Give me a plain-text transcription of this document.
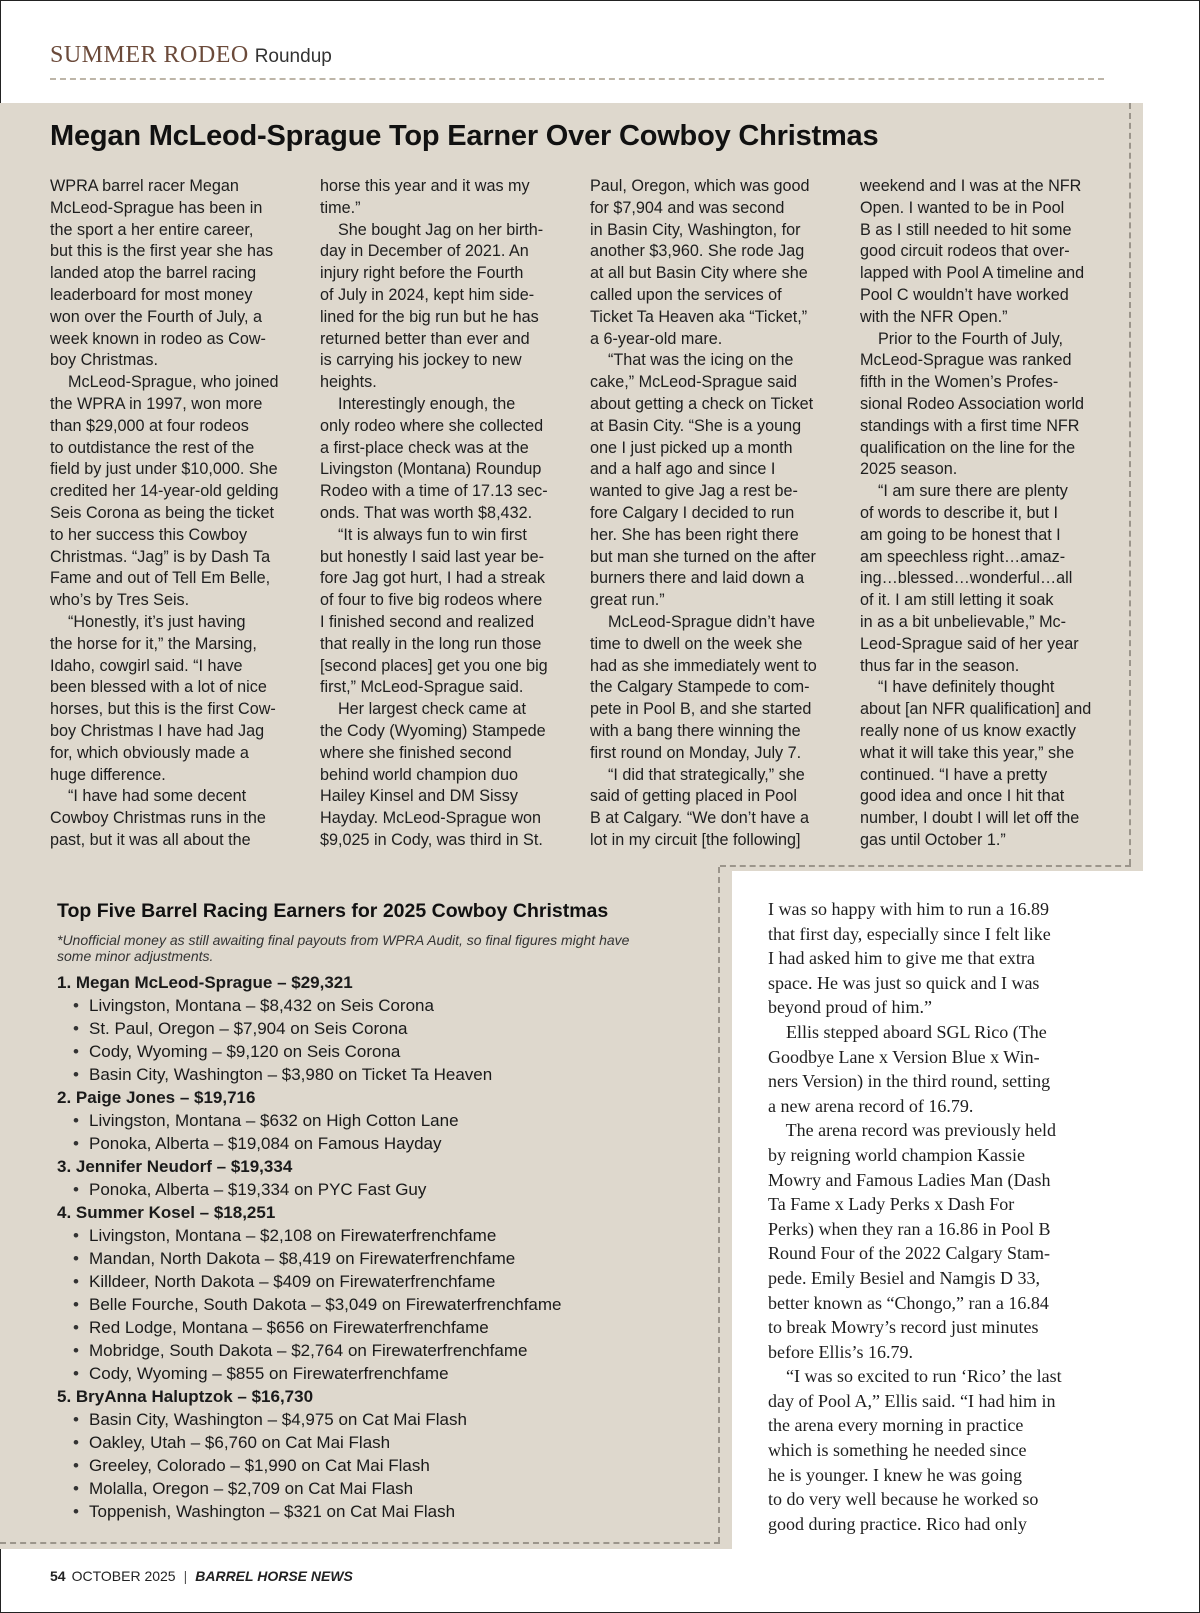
SUMMER RODEO Roundup
Megan McLeod-Sprague Top Earner Over Cowboy Christmas
WPRA barrel racer Megan
McLeod-Sprague has been in
the sport a her entire career,
but this is the first year she has
landed atop the barrel racing
leaderboard for most money
won over the Fourth of July, a
week known in rodeo as Cow-
boy Christmas.
McLeod-Sprague, who joined
the WPRA in 1997, won more
than $29,000 at four rodeos
to outdistance the rest of the
field by just under $10,000. She
credited her 14-year-old gelding
Seis Corona as being the ticket
to her success this Cowboy
Christmas. “Jag” is by Dash Ta
Fame and out of Tell Em Belle,
who’s by Tres Seis.
“Honestly, it’s just having
the horse for it,” the Marsing,
Idaho, cowgirl said. “I have
been blessed with a lot of nice
horses, but this is the first Cow-
boy Christmas I have had Jag
for, which obviously made a
huge difference.
“I have had some decent
Cowboy Christmas runs in the
past, but it was all about the
horse this year and it was my
time.”
She bought Jag on her birth-
day in December of 2021. An
injury right before the Fourth
of July in 2024, kept him side-
lined for the big run but he has
returned better than ever and
is carrying his jockey to new
heights.
Interestingly enough, the
only rodeo where she collected
a first-place check was at the
Livingston (Montana) Roundup
Rodeo with a time of 17.13 sec-
onds. That was worth $8,432.
“It is always fun to win first
but honestly I said last year be-
fore Jag got hurt, I had a streak
of four to five big rodeos where
I finished second and realized
that really in the long run those
[second places] get you one big
first,” McLeod-Sprague said.
Her largest check came at
the Cody (Wyoming) Stampede
where she finished second
behind world champion duo
Hailey Kinsel and DM Sissy
Hayday. McLeod-Sprague won
$9,025 in Cody, was third in St.
Paul, Oregon, which was good
for $7,904 and was second
in Basin City, Washington, for
another $3,960. She rode Jag
at all but Basin City where she
called upon the services of
Ticket Ta Heaven aka “Ticket,”
a 6-year-old mare.
“That was the icing on the
cake,” McLeod-Sprague said
about getting a check on Ticket
at Basin City. “She is a young
one I just picked up a month
and a half ago and since I
wanted to give Jag a rest be-
fore Calgary I decided to run
her. She has been right there
but man she turned on the after
burners there and laid down a
great run.”
McLeod-Sprague didn’t have
time to dwell on the week she
had as she immediately went to
the Calgary Stampede to com-
pete in Pool B, and she started
with a bang there winning the
first round on Monday, July 7.
“I did that strategically,” she
said of getting placed in Pool
B at Calgary. “We don’t have a
lot in my circuit [the following]
weekend and I was at the NFR
Open. I wanted to be in Pool
B as I still needed to hit some
good circuit rodeos that over-
lapped with Pool A timeline and
Pool C wouldn’t have worked
with the NFR Open.”
Prior to the Fourth of July,
McLeod-Sprague was ranked
fifth in the Women’s Profes-
sional Rodeo Association world
standings with a first time NFR
qualification on the line for the
2025 season.
“I am sure there are plenty
of words to describe it, but I
am going to be honest that I
am speechless right…amaz-
ing…blessed…wonderful…all
of it. I am still letting it soak
in as a bit unbelievable,” Mc-
Leod-Sprague said of her year
thus far in the season.
“I have definitely thought
about [an NFR qualification] and
really none of us know exactly
what it will take this year,” she
continued. “I have a pretty
good idea and once I hit that
number, I doubt I will let off the
gas until October 1.”
Top Five Barrel Racing Earners for 2025 Cowboy Christmas
*Unofficial money as still awaiting final payouts from WPRA Audit, so final figures might have some minor adjustments.
1. Megan McLeod-Sprague – $29,321
• Livingston, Montana – $8,432 on Seis Corona
• St. Paul, Oregon – $7,904 on Seis Corona
• Cody, Wyoming – $9,120 on Seis Corona
• Basin City, Washington – $3,980 on Ticket Ta Heaven
2. Paige Jones – $19,716
• Livingston, Montana – $632 on High Cotton Lane
• Ponoka, Alberta – $19,084 on Famous Hayday
3. Jennifer Neudorf – $19,334
• Ponoka, Alberta – $19,334 on PYC Fast Guy
4. Summer Kosel – $18,251
• Livingston, Montana – $2,108 on Firewaterfrenchfame
• Mandan, North Dakota – $8,419 on Firewaterfrenchfame
• Killdeer, North Dakota – $409 on Firewaterfrenchfame
• Belle Fourche, South Dakota – $3,049 on Firewaterfrenchfame
• Red Lodge, Montana – $656 on Firewaterfrenchfame
• Mobridge, South Dakota – $2,764 on Firewaterfrenchfame
• Cody, Wyoming – $855 on Firewaterfrenchfame
5. BryAnna Haluptzok – $16,730
• Basin City, Washington – $4,975 on Cat Mai Flash
• Oakley, Utah – $6,760 on Cat Mai Flash
• Greeley, Colorado – $1,990 on Cat Mai Flash
• Molalla, Oregon – $2,709 on Cat Mai Flash
• Toppenish, Washington – $321 on Cat Mai Flash
I was so happy with him to run a 16.89
that first day, especially since I felt like
I had asked him to give me that extra
space. He was just so quick and I was
beyond proud of him.”
Ellis stepped aboard SGL Rico (The
Goodbye Lane x Version Blue x Win-
ners Version) in the third round, setting
a new arena record of 16.79.
The arena record was previously held
by reigning world champion Kassie
Mowry and Famous Ladies Man (Dash
Ta Fame x Lady Perks x Dash For
Perks) when they ran a 16.86 in Pool B
Round Four of the 2022 Calgary Stam-
pede. Emily Besiel and Namgis D 33,
better known as “Chongo,” ran a 16.84
to break Mowry’s record just minutes
before Ellis’s 16.79.
“I was so excited to run ‘Rico’ the last
day of Pool A,” Ellis said. “I had him in
the arena every morning in practice
which is something he needed since
he is younger. I knew he was going
to do very well because he worked so
good during practice. Rico had only
54 OCTOBER 2025 | BARREL HORSE NEWS
